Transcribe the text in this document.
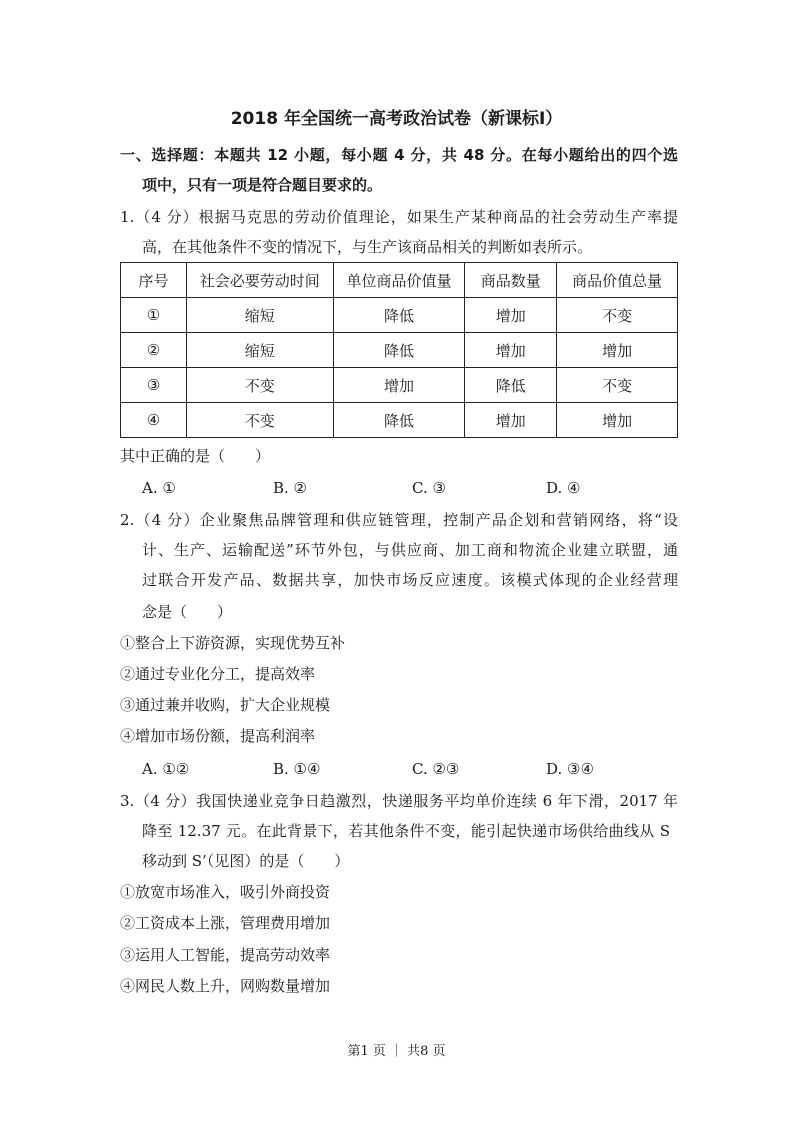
2018 年全国统一高考政治试卷（新课标Ⅰ）
一、选择题：本题共 12 小题，每小题 4 分，共 48 分。在每小题给出的四个选
项中，只有一项是符合题目要求的。
1.（4 分）根据马克思的劳动价值理论，如果生产某种商品的社会劳动生产率提
高，在其他条件不变的情况下，与生产该商品相关的判断如表所示。
序号	社会必要劳动时间	单位商品价值量	商品数量	商品价值总量
①	缩短	降低	增加	不变
②	缩短	降低	增加	增加
③	不变	增加	降低	不变
④	不变	降低	增加	增加
其中正确的是（　　）
A. ①	B. ②	C. ③	D. ④
2.（4 分）企业聚焦品牌管理和供应链管理，控制产品企划和营销网络，将“设
计、生产、运输配送”环节外包，与供应商、加工商和物流企业建立联盟，通
过联合开发产品、数据共享，加快市场反应速度。该模式体现的企业经营理
念是（　　）
①整合上下游资源，实现优势互补
②通过专业化分工，提高效率
③通过兼并收购，扩大企业规模
④增加市场份额，提高利润率
A. ①②	B. ①④	C. ②③	D. ③④
3.（4 分）我国快递业竞争日趋激烈，快递服务平均单价连续 6 年下滑，2017 年
降至 12.37 元。在此背景下，若其他条件不变，能引起快递市场供给曲线从 S
移动到 S’（见图）的是（　　）
①放宽市场准入，吸引外商投资
②工资成本上涨，管理费用增加
③运用人工智能，提高劳动效率
④网民人数上升，网购数量增加
第1 页 ｜ 共8 页
